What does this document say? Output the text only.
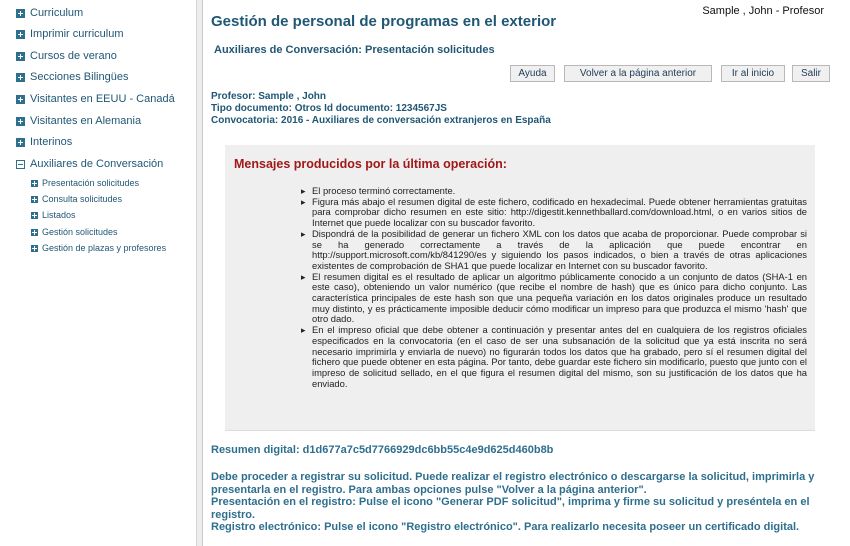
Curriculum
Imprimir curriculum
Cursos de verano
Secciones Bilingües
Visitantes en EEUU - Canadá
Visitantes en Alemania
Interinos
Auxiliares de Conversación
Presentación solicitudes
Consulta solicitudes
Listados
Gestión solicitudes
Gestión de plazas y profesores
Sample , John - Profesor
Gestión de personal de programas en el exterior
Auxiliares de Conversación: Presentación solicitudes
Ayuda	Volver a la página anterior	Ir al inicio	Salir
Profesor: Sample , John
Tipo documento: Otros Id documento: 1234567JS
Convocatoria: 2016 - Auxiliares de conversación extranjeros en España
Mensajes producidos por la última operación:
▸ El proceso terminó correctamente.
▸ Figura más abajo el resumen digital de este fichero, codificado en hexadecimal. Puede obtener herramientas gratuitas para comprobar dicho resumen en este sitio: http://digestit.kennethballard.com/download.html, o en varios sitios de Internet que puede localizar con su buscador favorito.
▸ Dispondrá de la posibilidad de generar un fichero XML con los datos que acaba de proporcionar. Puede comprobar si se ha generado correctamente a través de la aplicación que puede encontrar en http://support.microsoft.com/kb/841290/es y siguiendo los pasos indicados, o bien a través de otras aplicaciones existentes de comprobación de SHA1 que puede localizar en Internet con su buscador favorito.
▸ El resumen digital es el resultado de aplicar un algoritmo públicamente conocido a un conjunto de datos (SHA-1 en este caso), obteniendo un valor numérico (que recibe el nombre de hash) que es único para dicho conjunto. Las característica principales de este hash son que una pequeña variación en los datos originales produce un resultado muy distinto, y es prácticamente imposible deducir cómo modificar un impreso para que produzca el mismo 'hash' que otro dado.
▸ En el impreso oficial que debe obtener a continuación y presentar antes del en cualquiera de los registros oficiales especificados en la convocatoria (en el caso de ser una subsanación de la solicitud que ya está inscrita no será necesario imprimirla y enviarla de nuevo) no figurarán todos los datos que ha grabado, pero sí el resumen digital del fichero que puede obtener en esta página. Por tanto, debe guardar este fichero sin modificarlo, puesto que junto con el impreso de solicitud sellado, en el que figura el resumen digital del mismo, son su justificación de los datos que ha enviado.
Resumen digital: d1d677a7c5d7766929dc6bb55c4e9d625d460b8b
Debe proceder a registrar su solicitud. Puede realizar el registro electrónico o descargarse la solicitud, imprimirla y presentarla en el registro. Para ambas opciones pulse "Volver a la página anterior".
Presentación en el registro: Pulse el icono "Generar PDF solicitud", imprima y firme su solicitud y preséntela en el registro.
Registro electrónico: Pulse el icono "Registro electrónico". Para realizarlo necesita poseer un certificado digital.
